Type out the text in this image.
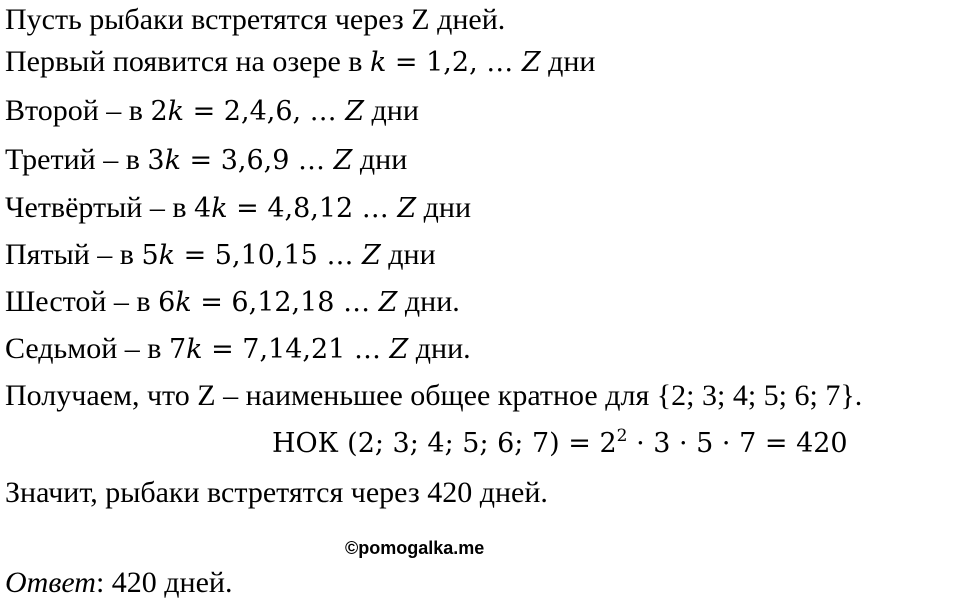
Пусть рыбаки встретятся через Z дней.
Первый появится на озере в k = 1,2, … Z дни
Второй – в 2k = 2,4,6, … Z дни
Третий – в 3k = 3,6,9 … Z дни
Четвёртый – в 4k = 4,8,12 … Z дни
Пятый – в 5k = 5,10,15 … Z дни
Шестой – в 6k = 6,12,18 … Z дни.
Седьмой – в 7k = 7,14,21 … Z дни.
Получаем, что Z – наименьшее общее кратное для {2; 3; 4; 5; 6; 7}.
НОК (2; 3; 4; 5; 6; $7) = 2^2 \cdot 3 \cdot 5 \cdot 7 = 420$
Значит, рыбаки встретятся через 420 дней.
©pomogalka.me
Ответ: 420 дней.
